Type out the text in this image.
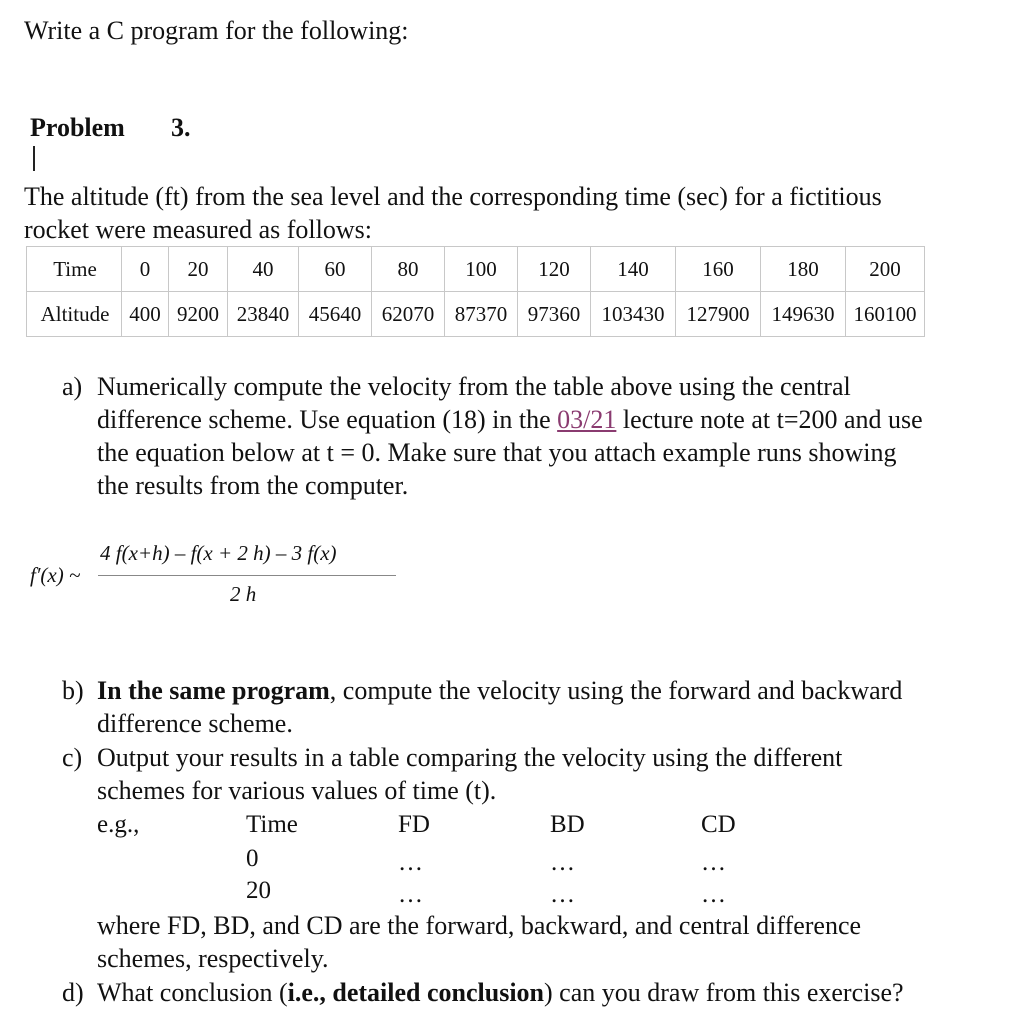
Write a C program for the following:
Problem 3.
The altitude (ft) from the sea level and the corresponding time (sec) for a fictitious
rocket were measured as follows:
Time	0	20	40	60	80	100	120	140	160	180	200
Altitude	400	9200	23840	45640	62070	87370	97360	103430	127900	149630	160100
a) Numerically compute the velocity from the table above using the central
difference scheme. Use equation (18) in the 03/21 lecture note at t=200 and use
the equation below at t = 0. Make sure that you attach example runs showing
the results from the computer.
f′(x) ~
4 f(x+h) – f(x + 2 h) – 3 f(x)
2 h
b) In the same program, compute the velocity using the forward and backward
difference scheme.
c) Output your results in a table comparing the velocity using the different
schemes for various values of time (t).
e.g.,	Time	FD	BD	CD
0	…	…	…
20	…	…	…
where FD, BD, and CD are the forward, backward, and central difference
schemes, respectively.
d) What conclusion (i.e., detailed conclusion) can you draw from this exercise?
